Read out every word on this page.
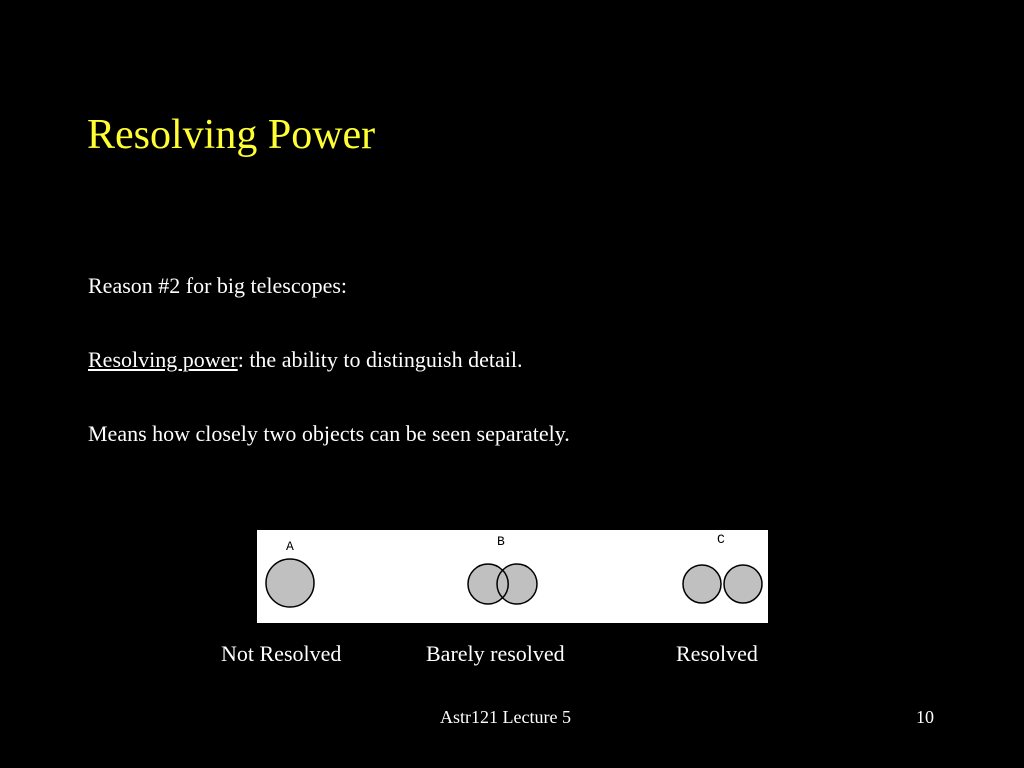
Resolving Power

Reason #2 for big telescopes:

Resolving power: the ability to distinguish detail.

Means how closely two objects can be seen separately.

A	B	C
Not Resolved	Barely resolved	Resolved
Astr121 Lecture 5	10
